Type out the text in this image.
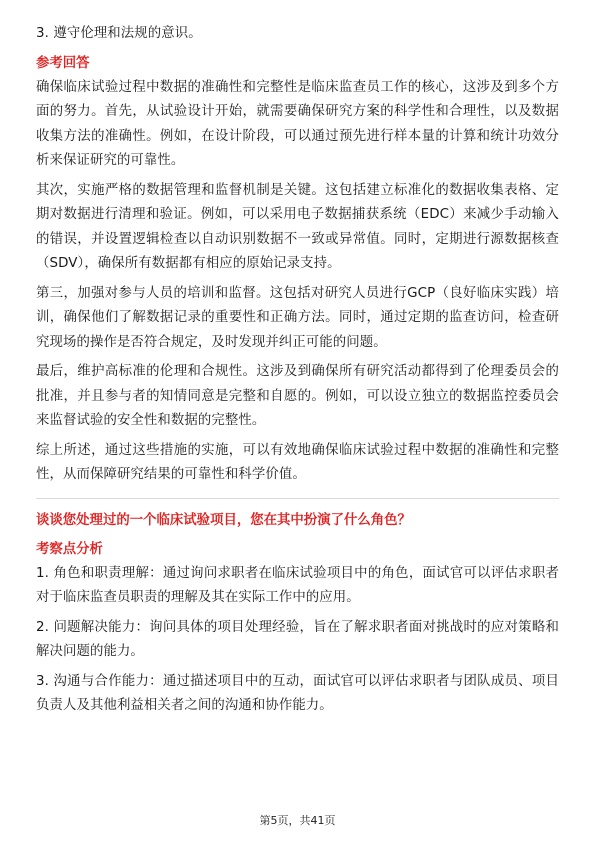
3. 遵守伦理和法规的意识。

参考回答

确保临床试验过程中数据的准确性和完整性是临床监查员工作的核心，这涉及到多个方面的努力。首先，从试验设计开始，就需要确保研究方案的科学性和合理性，以及数据收集方法的准确性。例如，在设计阶段，可以通过预先进行样本量的计算和统计功效分析来保证研究的可靠性。

其次，实施严格的数据管理和监督机制是关键。这包括建立标准化的数据收集表格、定期对数据进行清理和验证。例如，可以采用电子数据捕获系统（EDC）来减少手动输入的错误，并设置逻辑检查以自动识别数据不一致或异常值。同时，定期进行源数据核查（SDV），确保所有数据都有相应的原始记录支持。

第三，加强对参与人员的培训和监督。这包括对研究人员进行GCP（良好临床实践）培训，确保他们了解数据记录的重要性和正确方法。同时，通过定期的监查访问，检查研究现场的操作是否符合规定，及时发现并纠正可能的问题。

最后，维护高标准的伦理和合规性。这涉及到确保所有研究活动都得到了伦理委员会的批准，并且参与者的知情同意是完整和自愿的。例如，可以设立独立的数据监控委员会来监督试验的安全性和数据的完整性。

综上所述，通过这些措施的实施，可以有效地确保临床试验过程中数据的准确性和完整性，从而保障研究结果的可靠性和科学价值。

谈谈您处理过的一个临床试验项目，您在其中扮演了什么角色？

考察点分析

1. 角色和职责理解：通过询问求职者在临床试验项目中的角色，面试官可以评估求职者对于临床监查员职责的理解及其在实际工作中的应用。

2. 问题解决能力：询问具体的项目处理经验，旨在了解求职者面对挑战时的应对策略和解决问题的能力。

3. 沟通与合作能力：通过描述项目中的互动，面试官可以评估求职者与团队成员、项目负责人及其他利益相关者之间的沟通和协作能力。

第5页，共41页
